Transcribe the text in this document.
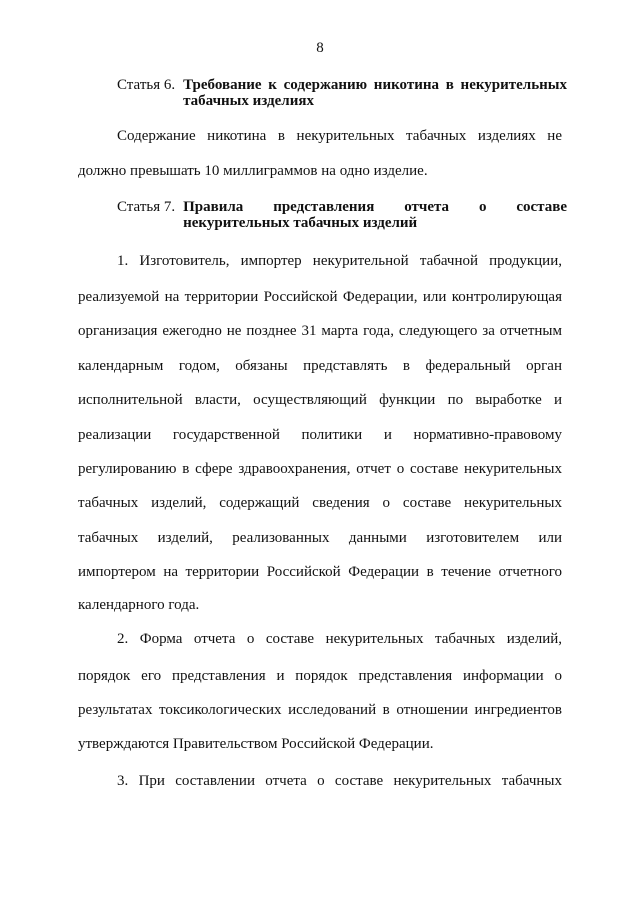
8
Статья 6. Требование к содержанию никотина в некурительных табачных изделиях
Содержание никотина в некурительных табачных изделиях не
должно превышать 10 миллиграммов на одно изделие.
Статья 7. Правила представления отчета о составе некурительных табачных изделий
1. Изготовитель, импортер некурительной табачной продукции,
реализуемой на территории Российской Федерации, или контролирующая
организация ежегодно не позднее 31 марта года, следующего за отчетным
календарным годом, обязаны представлять в федеральный орган
исполнительной власти, осуществляющий функции по выработке и
реализации государственной политики и нормативно-правовому
регулированию в сфере здравоохранения, отчет о составе некурительных
табачных изделий, содержащий сведения о составе некурительных
табачных изделий, реализованных данными изготовителем или
импортером на территории Российской Федерации в течение отчетного
календарного года.
2. Форма отчета о составе некурительных табачных изделий,
порядок его представления и порядок представления информации о
результатах токсикологических исследований в отношении ингредиентов
утверждаются Правительством Российской Федерации.
3. При составлении отчета о составе некурительных табачных
